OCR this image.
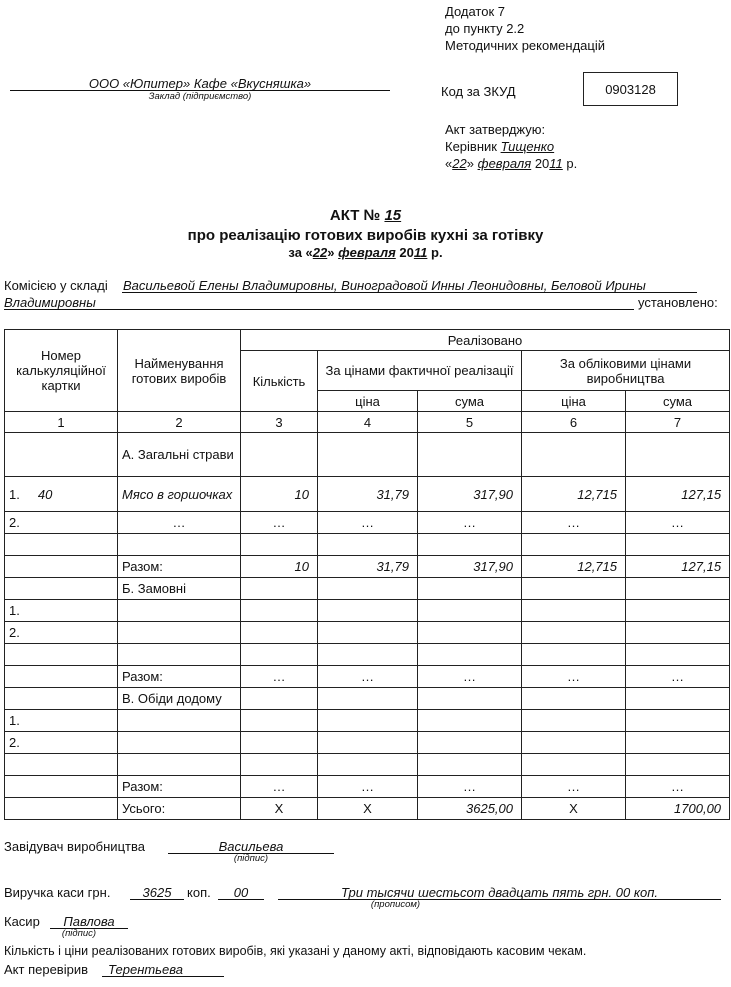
Додаток 7
до пункту 2.2
Методичних рекомендацій
ООО «Юпитер» Кафе «Вкусняшка»
Заклад (підприємство)	Код за ЗКУД	0903128
Акт затверджую:
Керівник Тищенко
«22» февраля 2011 р.
АКТ № 15
про реалізацію готових виробів кухні за готівку
за «22» февраля 2011 р.
Комісією у складі Васильевой Елены Владимировны, Виноградовой Инны Леонидовны, Беловой Ирины
Владимировны	установлено:
Номер калькуляційної картки	Найменування готових виробів	Реалізовано				
		Кількість	За цінами фактичної реалізації		За обліковими цінами виробництва	
			ціна	сума	ціна	сума
1	2	3	4	5	6	7
	А. Загальні страви					
1.     40	Мясо в горшочках	10	31,79	317,90	12,715	127,15
2.	…	…	…	…	…	…

	Разом:	10	31,79	317,90	12,715	127,15
	Б. Замовні					
1.						
2.						

	Разом:	…	…	…	…	…
	В. Обіди додому					
1.						
2.						

	Разом:	…	…	…	…	…
	Усього:	Х	Х	3625,00	Х	1700,00
Завідувач виробництва	Васильева
(підпис)
Виручка каси грн.	3625	коп.	00	Три тысячи шестьсот двадцать пять грн. 00 коп.
(прописом)
Касир	Павлова
(підпис)
Кількість і ціни реалізованих готових виробів, які указані у даному акті, відповідають касовим чекам.
Акт перевірив	Терентьева
